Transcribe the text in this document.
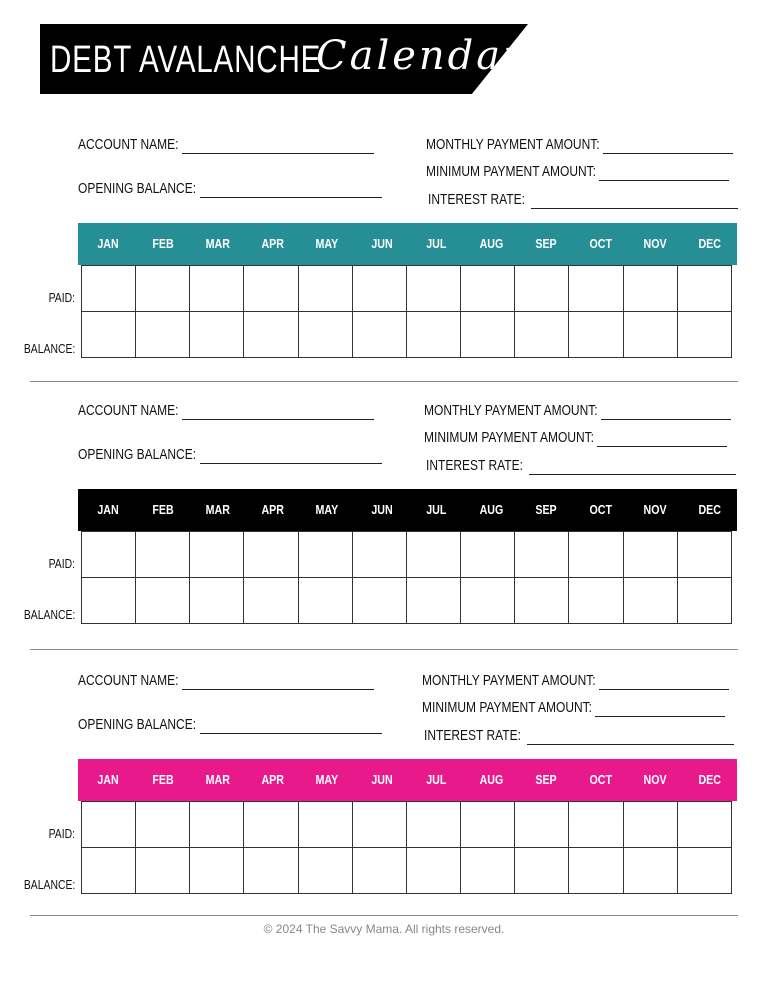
DEBT AVALANCHE
Calendar
ACCOUNT NAME:
OPENING BALANCE:
MONTHLY PAYMENT AMOUNT:
MINIMUM PAYMENT AMOUNT:
INTEREST RATE:
JAN	FEB	MAR	APR	MAY	JUN	JUL	AUG	SEP	OCT	NOV	DEC

PAID:
BALANCE:
ACCOUNT NAME:
OPENING BALANCE:
MONTHLY PAYMENT AMOUNT:
MINIMUM PAYMENT AMOUNT:
INTEREST RATE:
JAN	FEB	MAR	APR	MAY	JUN	JUL	AUG	SEP	OCT	NOV	DEC

PAID:
BALANCE:
ACCOUNT NAME:
OPENING BALANCE:
MONTHLY PAYMENT AMOUNT:
MINIMUM PAYMENT AMOUNT:
INTEREST RATE:
JAN	FEB	MAR	APR	MAY	JUN	JUL	AUG	SEP	OCT	NOV	DEC

PAID:
BALANCE:
© 2024 The Savvy Mama. All rights reserved.
